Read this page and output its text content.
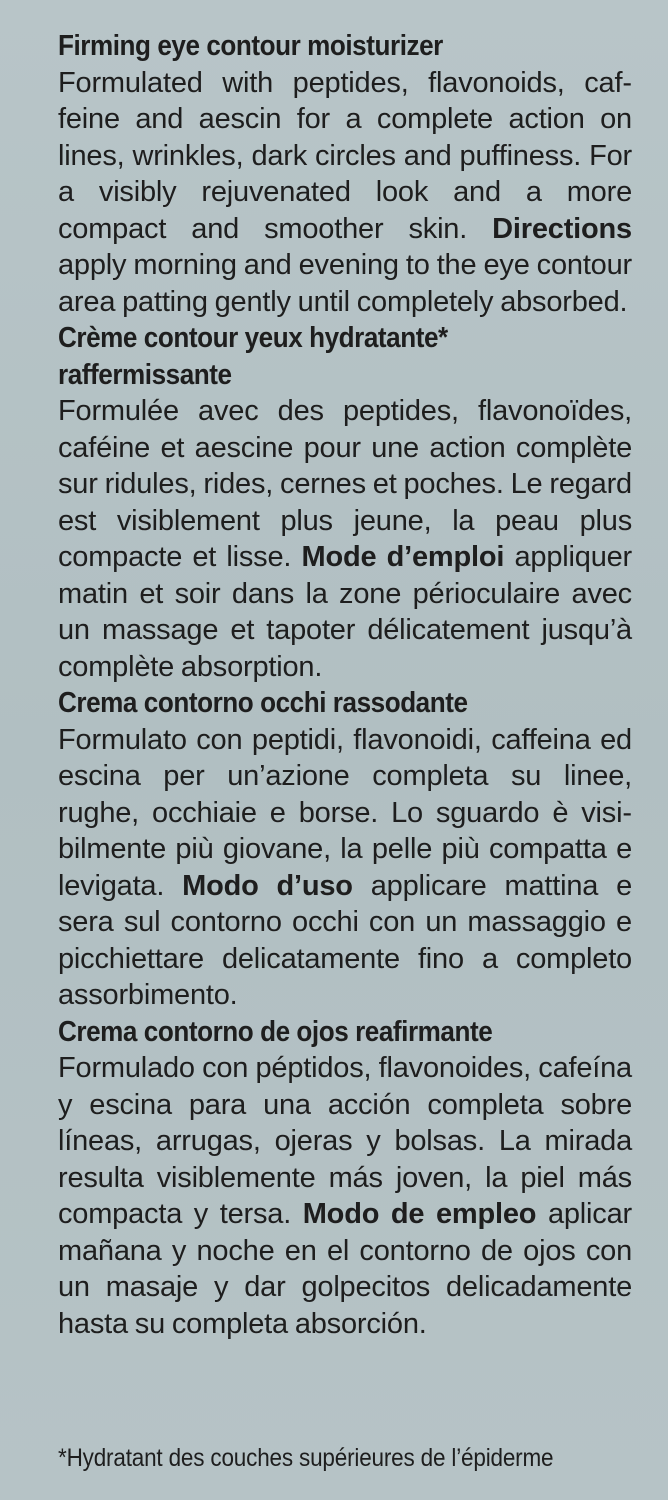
Firming eye contour moisturizer

Formulated with peptides, flavonoids, caffeine and aescin for a complete action on lines, wrinkles, dark circles and puffiness. For a visibly rejuvenated look and a more compact and smoother skin. Directions apply morning and evening to the eye contour area patting gently until completely absorbed.

Crème contour yeux hydratante*
raffermissante

Formulée avec des peptides, flavonoïdes, caféine et aescine pour une action complète sur ridules, rides, cernes et poches. Le regard est visiblement plus jeune, la peau plus compacte et lisse. Mode d’emploi appliquer matin et soir dans la zone périoculaire avec un massage et tapoter délicatement jusqu’à complète absorption.

Crema contorno occhi rassodante

Formulato con peptidi, flavonoidi, caffeina ed escina per un’azione completa su linee, rughe, occhiaie e borse. Lo sguardo è visibilmente più giovane, la pelle più compatta e levigata. Modo d’uso applicare mattina e sera sul contorno occhi con un massaggio e picchiettare delicatamente fino a completo assorbimento.

Crema contorno de ojos reafirmante

Formulado con péptidos, flavonoides, cafeína y escina para una acción completa sobre líneas, arrugas, ojeras y bolsas. La mirada resulta visiblemente más joven, la piel más compacta y tersa. Modo de empleo aplicar mañana y noche en el contorno de ojos con un masaje y dar golpecitos delicadamente hasta su completa absorción.

*Hydratant des couches supérieures de l’épiderme
